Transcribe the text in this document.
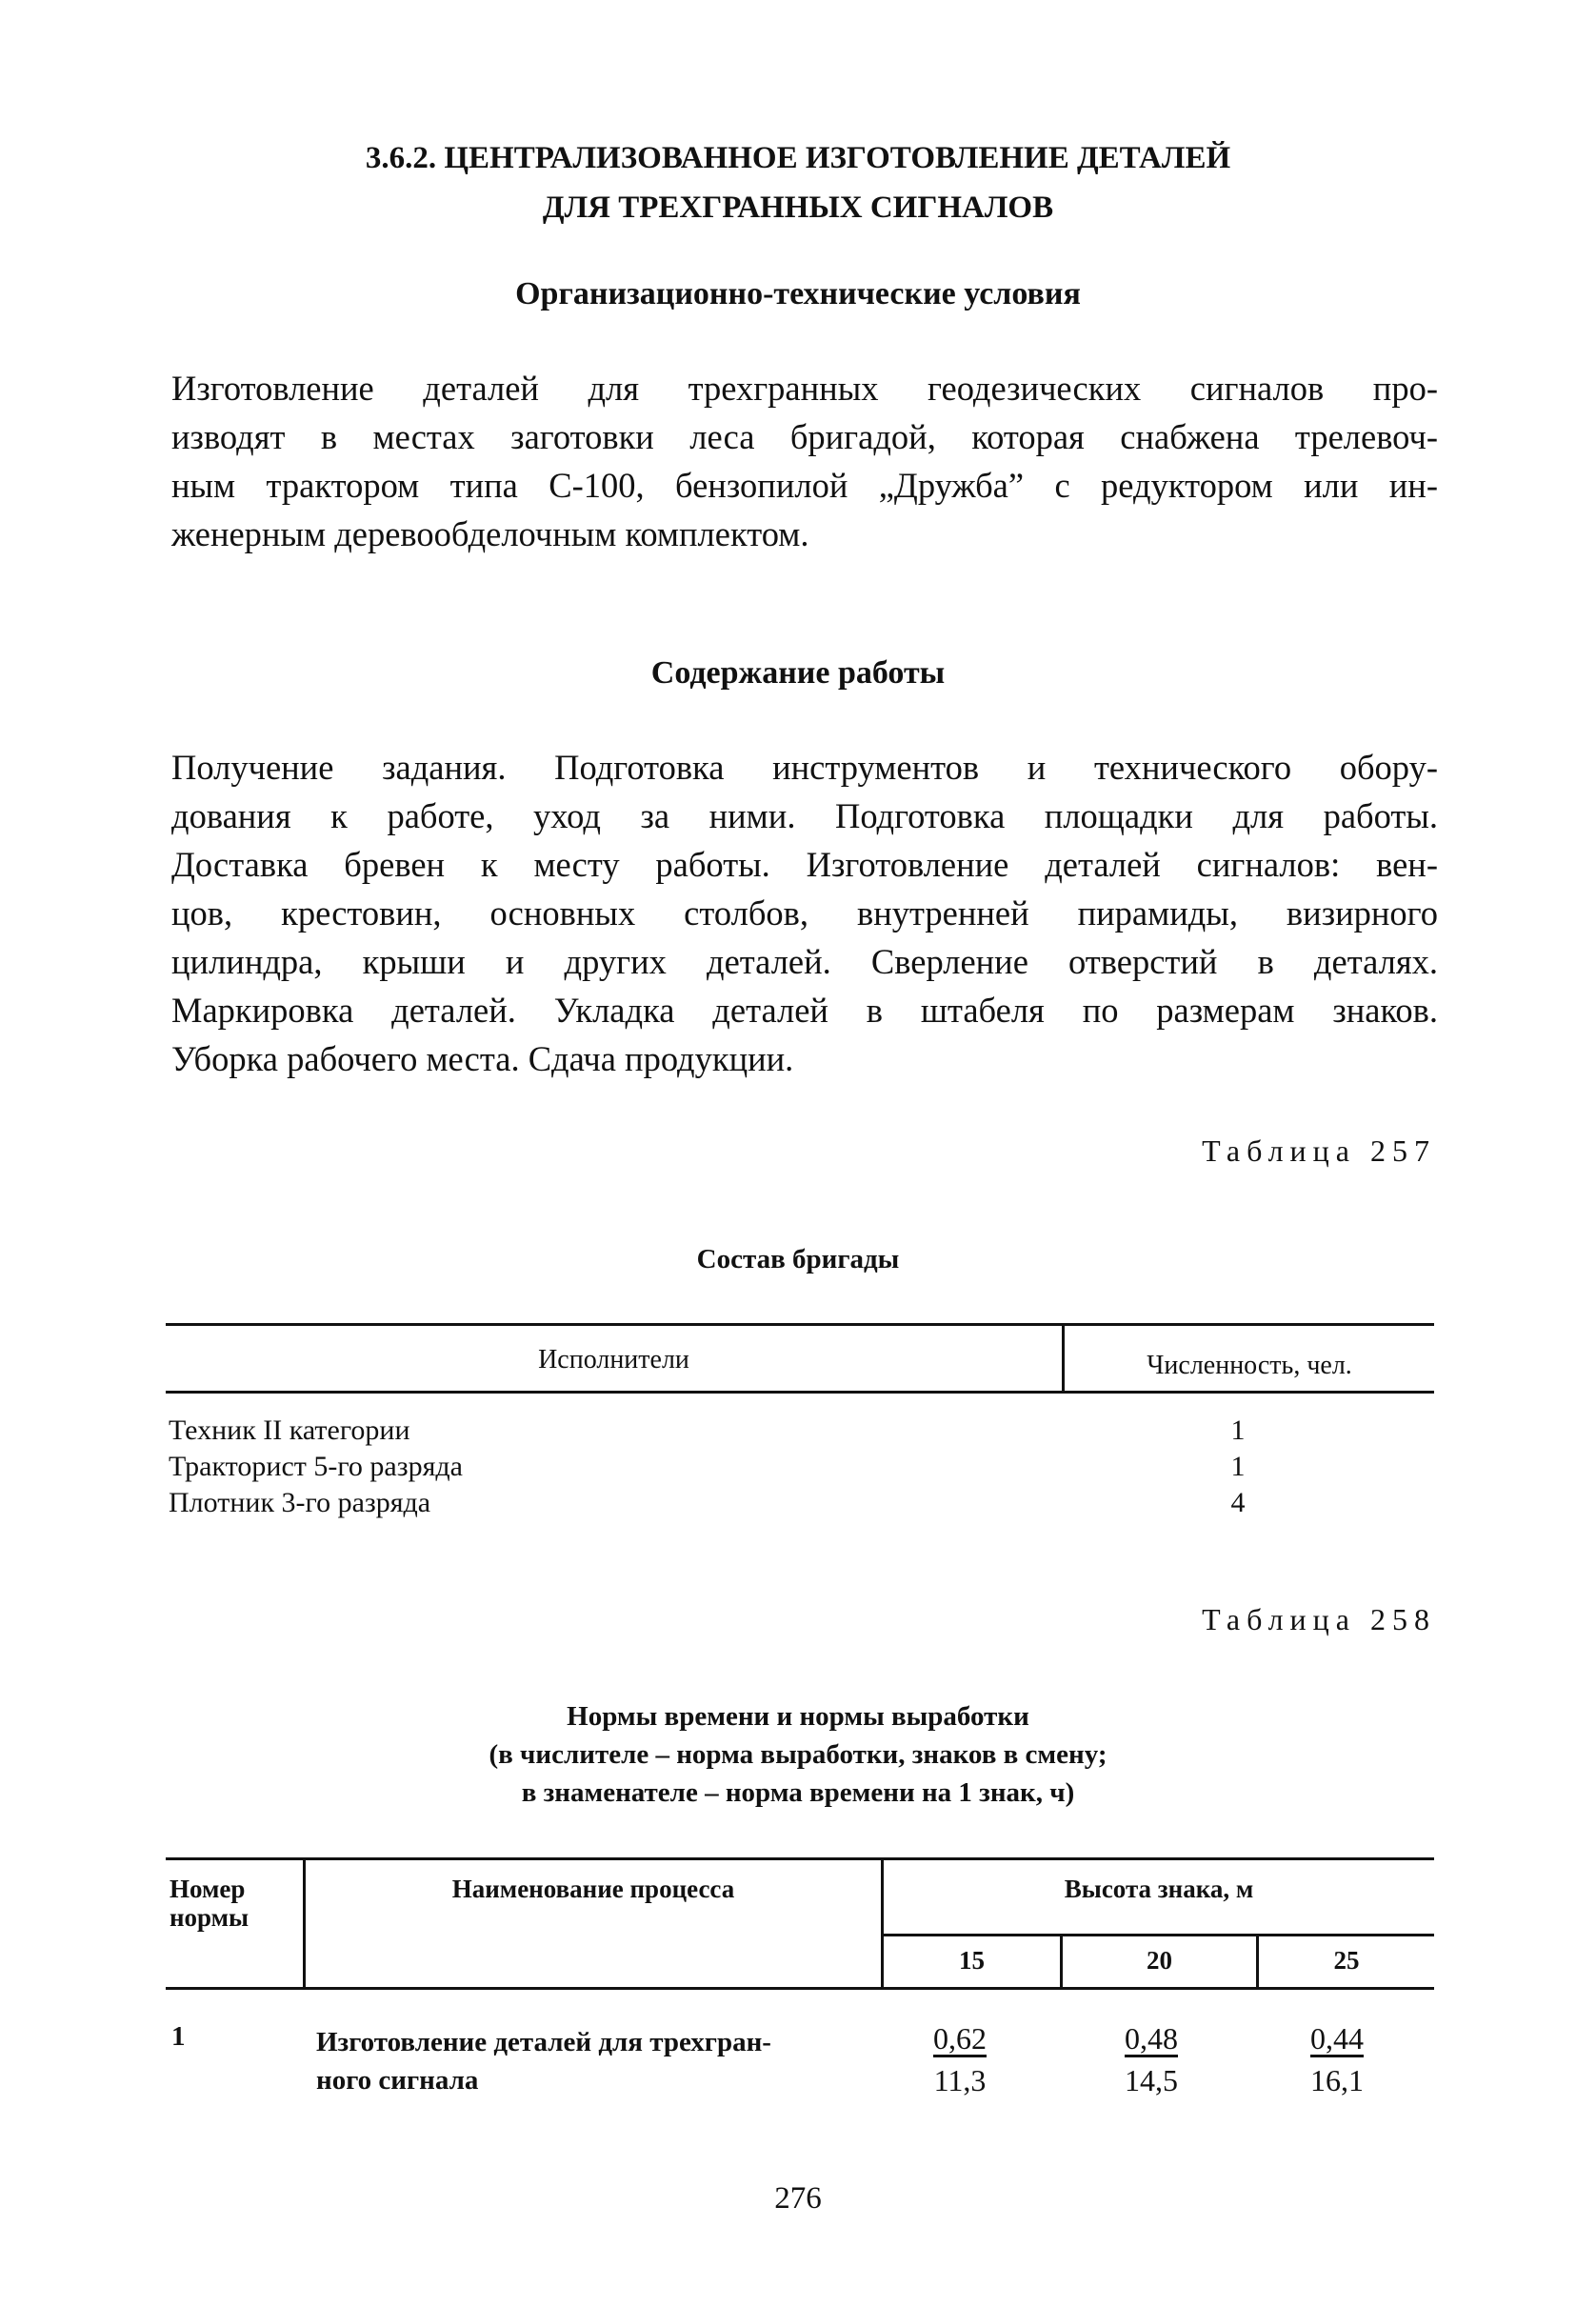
3.6.2. ЦЕНТРАЛИЗОВАННОЕ ИЗГОТОВЛЕНИЕ ДЕТАЛЕЙ
ДЛЯ ТРЕХГРАННЫХ СИГНАЛОВ
Организационно-технические условия
Изготовление деталей для трехгранных геодезических сигналов про-
изводят в местах заготовки леса бригадой, которая снабжена трелевоч-
ным трактором типа С-100, бензопилой „Дружба” с редуктором или ин-
женерным деревообделочным комплектом.
Содержание работы
Получение задания. Подготовка инструментов и технического обору-
дования к работе, уход за ними. Подготовка площадки для работы.
Доставка бревен к месту работы. Изготовление деталей сигналов: вен-
цов, крестовин, основных столбов, внутренней пирамиды, визирного
цилиндра, крыши и других деталей. Сверление отверстий в деталях.
Маркировка деталей. Укладка деталей в штабеля по размерам знаков.
Уборка рабочего места. Сдача продукции.
Таблица 257
Состав бригады
Исполнители	Численность, чел.
Техник II категории	1
Тракторист 5-го разряда	1
Плотник 3-го разряда	4
Таблица 258
Нормы времени и нормы выработки
(в числителе – норма выработки, знаков в смену;
в знаменателе – норма времени на 1 знак, ч)
Номер
нормы
Наименование процесса	Высота знака, м
15	20	25
1	Изготовление деталей для трехгран-
ного сигнала	$\frac{0,62}{11,3}$	$\frac{0,48}{14,5}$	$\frac{0,44}{16,1}$
276
